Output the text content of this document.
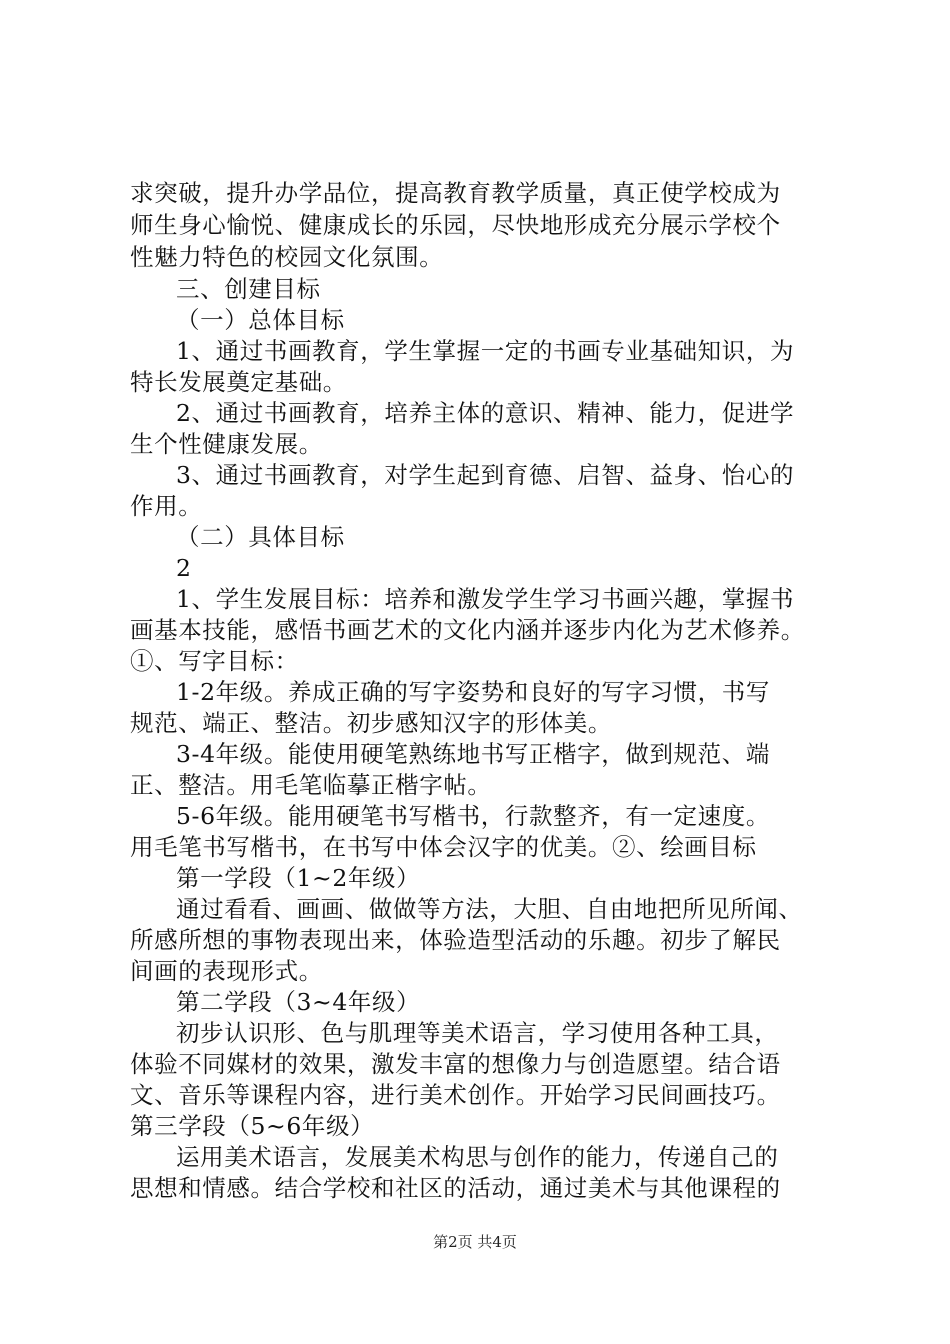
求突破，提升办学品位，提高教育教学质量，真正使学校成为
师生身心愉悦、健康成长的乐园，尽快地形成充分展示学校个
性魅力特色的校园文化氛围。
三、创建目标
（一）总体目标
1、通过书画教育，学生掌握一定的书画专业基础知识，为
特长发展奠定基础。
2、通过书画教育，培养主体的意识、精神、能力，促进学
生个性健康发展。
3、通过书画教育，对学生起到育德、启智、益身、怡心的
作用。
（二）具体目标
2
1、学生发展目标：培养和激发学生学习书画兴趣，掌握书
画基本技能，感悟书画艺术的文化内涵并逐步内化为艺术修养。
①、写字目标：
1-2年级。养成正确的写字姿势和良好的写字习惯，书写
规范、端正、整洁。初步感知汉字的形体美。
3-4年级。能使用硬笔熟练地书写正楷字，做到规范、端
正、整洁。用毛笔临摹正楷字帖。
5-6年级。能用硬笔书写楷书，行款整齐，有一定速度。
用毛笔书写楷书，在书写中体会汉字的优美。②、绘画目标
第一学段（1~2年级）
通过看看、画画、做做等方法，大胆、自由地把所见所闻、
所感所想的事物表现出来，体验造型活动的乐趣。初步了解民
间画的表现形式。
第二学段（3~4年级）
初步认识形、色与肌理等美术语言，学习使用各种工具，
体验不同媒材的效果，激发丰富的想像力与创造愿望。结合语
文、音乐等课程内容，进行美术创作。开始学习民间画技巧。
第三学段（5~6年级）
运用美术语言，发展美术构思与创作的能力，传递自己的
思想和情感。结合学校和社区的活动，通过美术与其他课程的
第2页 共4页
